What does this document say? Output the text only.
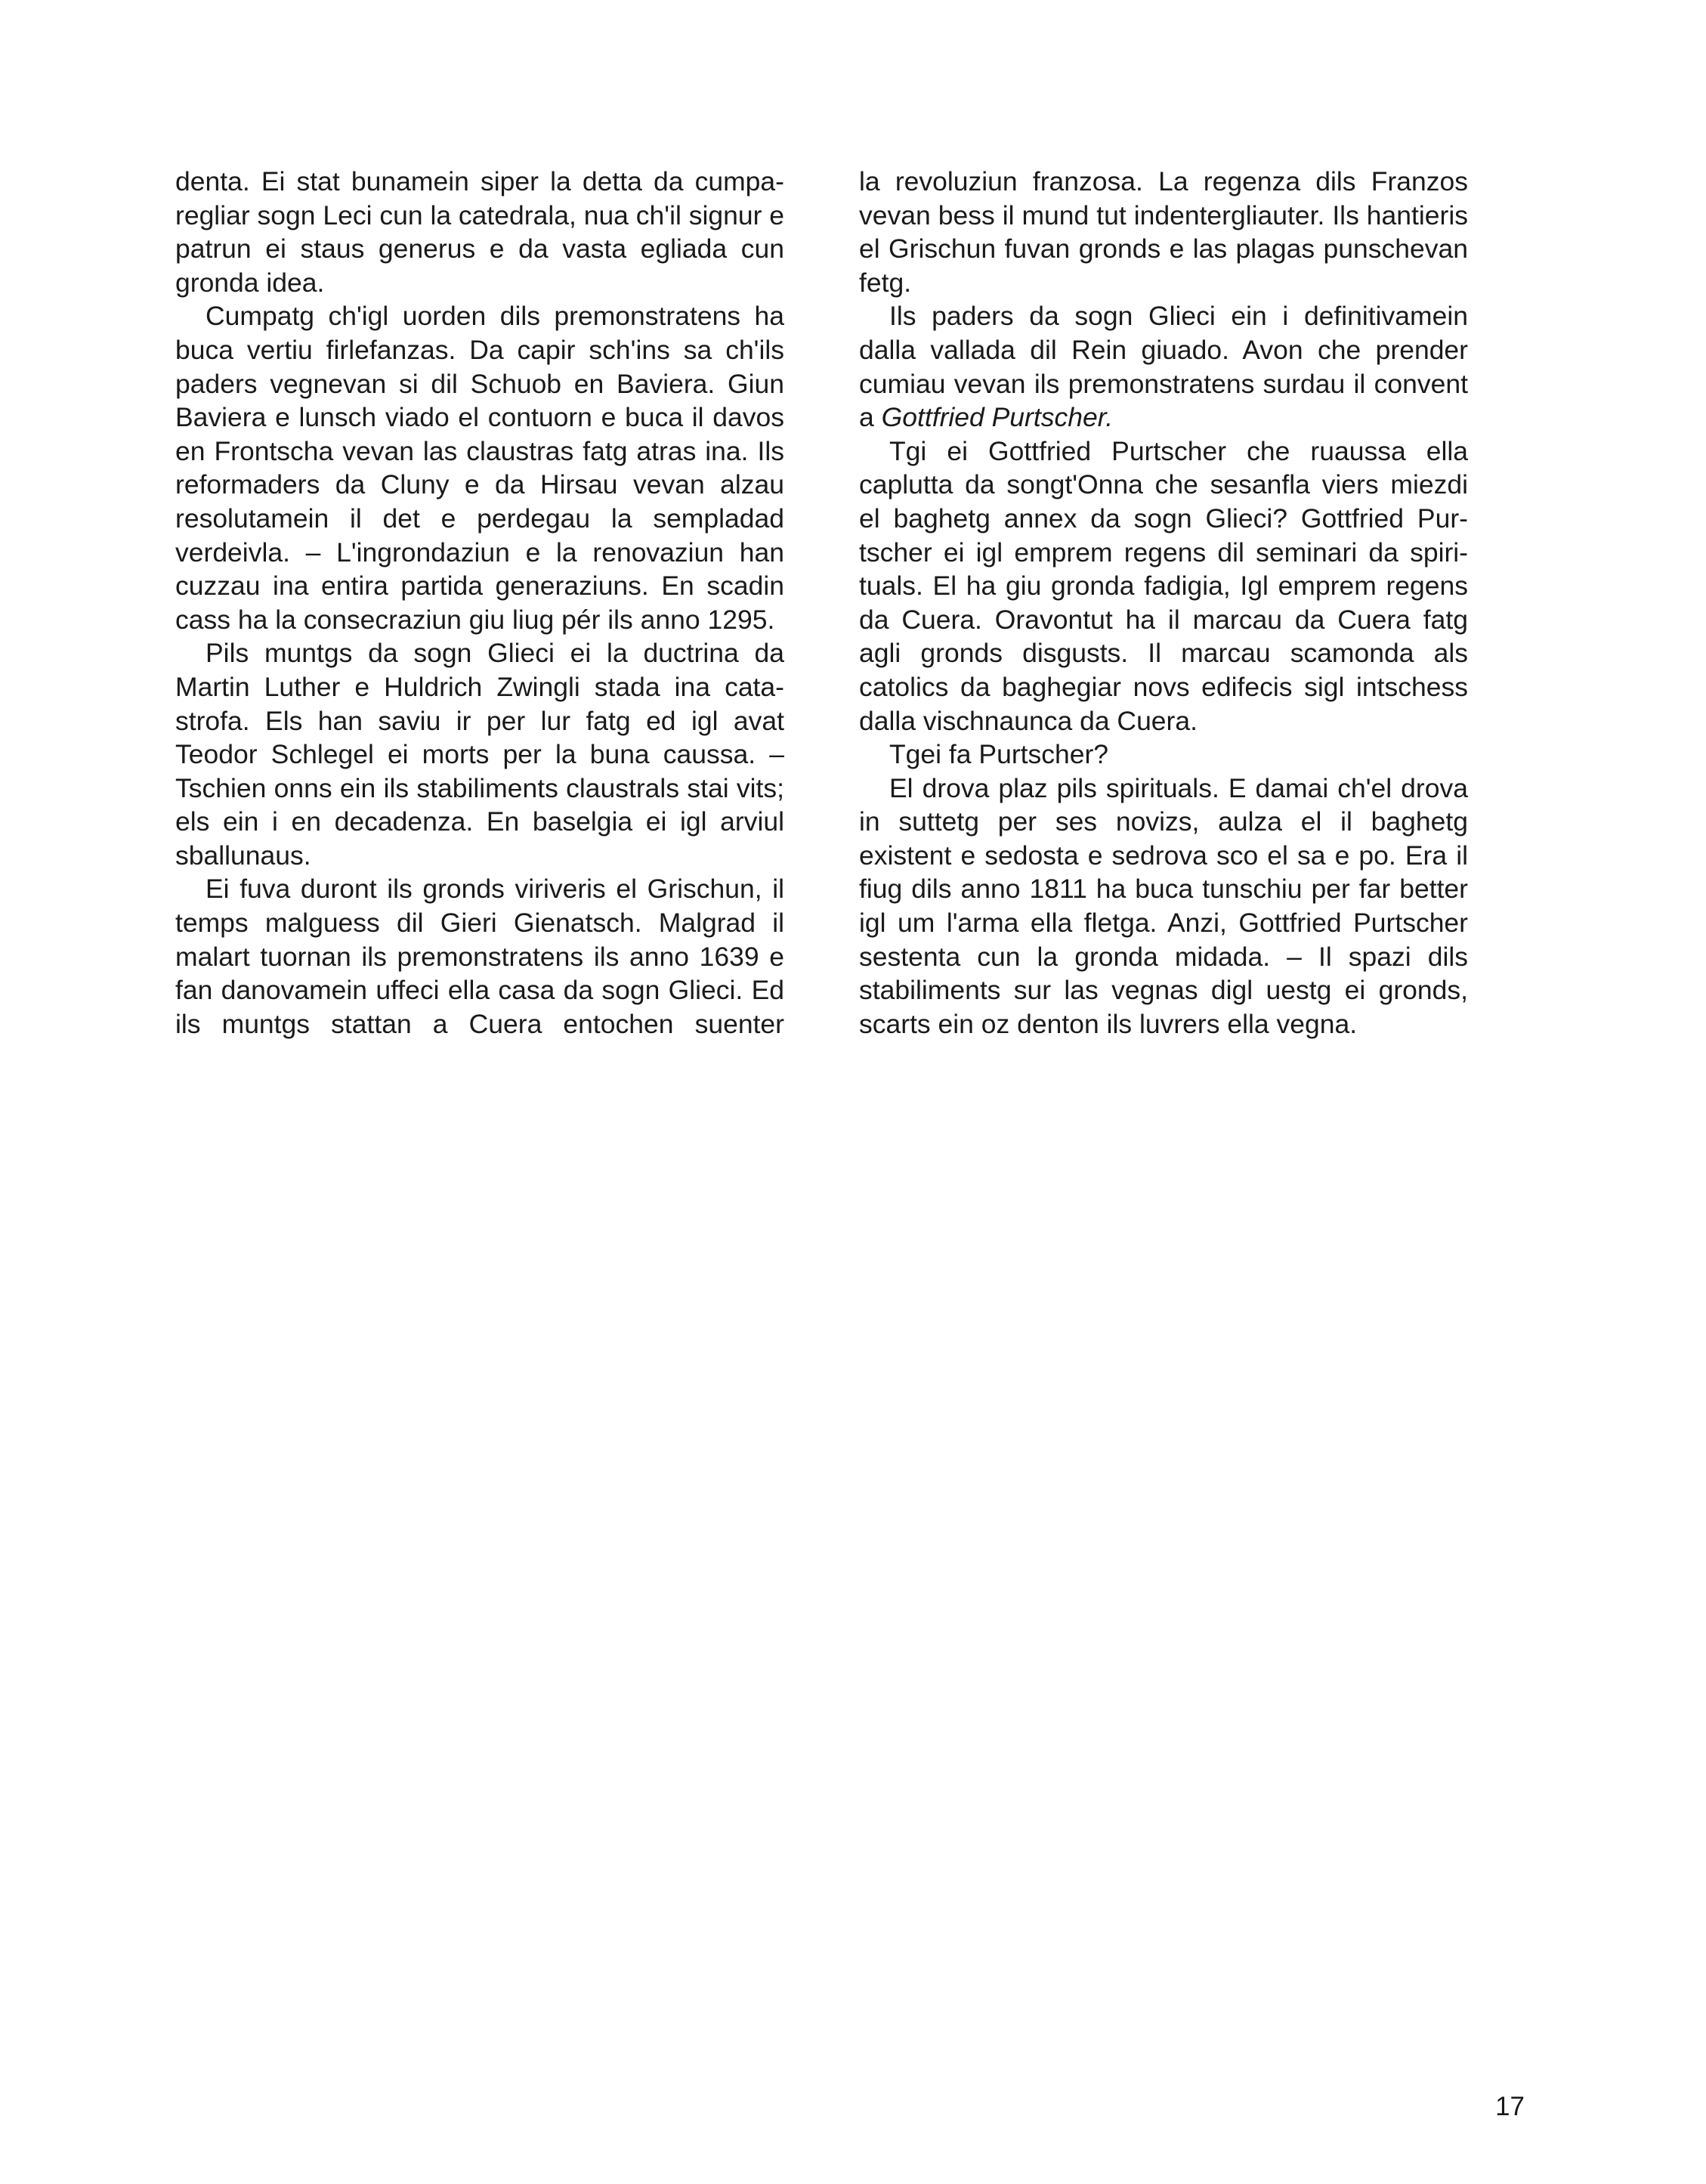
denta. Ei stat bunamein siper la detta da cumparegliar sogn Leci cun la catedrala, nua ch'il signur e patrun ei staus generus e da vasta egliada cun gronda idea.

Cumpatg ch'igl uorden dils premonstratens ha buca vertiu firlefanzas. Da capir sch'ins sa ch'ils paders vegnevan si dil Schuob en Baviera. Giun Baviera e lunsch viado el contuorn e buca il davos en Frontscha vevan las claustras fatg atras ina. Ils reformaders da Cluny e da Hirsau vevan alzau resolutamein il det e perdegau la sempladad verdeivla. – L'ingrondaziun e la renovaziun han cuzzau ina entira partida generaziuns. En scadin cass ha la consecraziun giu liug pér ils anno 1295.

Pils muntgs da sogn Glieci ei la ductrina da Martin Luther e Huldrich Zwingli stada ina catastrofa. Els han saviu ir per lur fatg ed igl avat Teodor Schlegel ei morts per la buna caussa. – Tschien onns ein ils stabiliments claustrals stai vits; els ein i en decadenza. En baselgia ei igl arviul sballunaus.

Ei fuva duront ils gronds viriveris el Grischun, il temps malguess dil Gieri Gienatsch. Malgrad il malart tuornan ils premonstratens ils anno 1639 e fan danovamein uffeci ella casa da sogn Glieci. Ed ils muntgs stattan a Cuera entochen suenter

la revoluziun franzosa. La regenza dils Franzos vevan bess il mund tut indentergliauter. Ils hantieris el Grischun fuvan gronds e las plagas punschevan fetg.

Ils paders da sogn Glieci ein i definitivamein dalla vallada dil Rein giuado. Avon che prender cumiau vevan ils premonstratens surdau il convent a Gottfried Purtscher.

Tgi ei Gottfried Purtscher che ruaussa ella caplutta da songt'Onna che sesanfla viers miezdi el baghetg annex da sogn Glieci? Gottfried Purtscher ei igl emprem regens dil seminari da spirituals. El ha giu gronda fadigia, Igl emprem regens da Cuera. Oravontut ha il marcau da Cuera fatg agli gronds disgusts. Il marcau scamonda als catolics da baghegiar novs edifecis sigl intschess dalla vischnaunca da Cuera.

Tgei fa Purtscher?

El drova plaz pils spirituals. E damai ch'el drova in suttetg per ses novizs, aulza el il baghetg existent e sedosta e sedrova sco el sa e po. Era il fiug dils anno 1811 ha buca tunschiu per far better igl um l'arma ella fletga. Anzi, Gottfried Purtscher sestenta cun la gronda midada. – Il spazi dils stabiliments sur las vegnas digl uestg ei gronds, scarts ein oz denton ils luvrers ella vegna.

17
